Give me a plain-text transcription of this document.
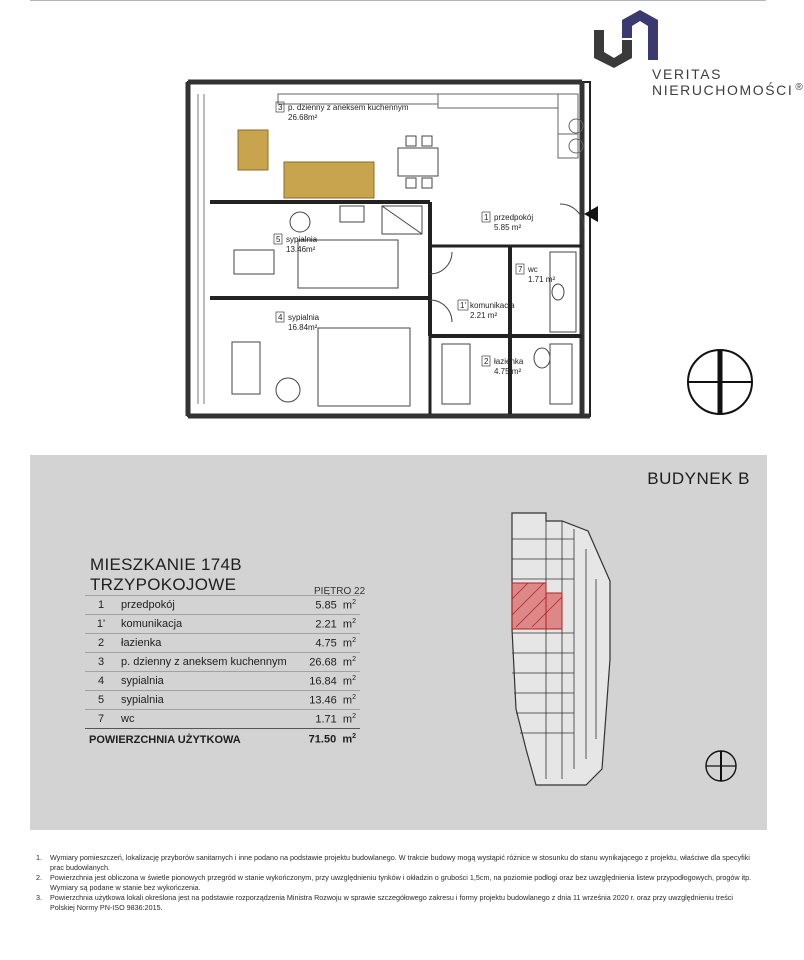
VERITAS
NIERUCHOMOŚCI ®
3 p. dzienny z aneksem kuchennym
26.68m²
1 przedpokój
5.85 m²
5 sypialnia
13.46m²
7 wc
1.71 m²
1' komunikacja
2.21 m²
4 sypialnia
16.84m²
2 łazienka
4.75 m²
BUDYNEK B
MIESZKANIE 174B
TRZYPOKOJOWE	PIĘTRO 22
1	przedpokój	5.85 $m^2$
1'	komunikacja	2.21 $m^2$
2	łazienka	4.75 $m^2$
3	p. dzienny z aneksem kuchennym	26.68 $m^2$
4	sypialnia	16.84 $m^2$
5	sypialnia	13.46 $m^2$
7	wc	1.71 $m^2$
POWIERZCHNIA UŻYTKOWA		71.50 $m^2$
1. Wymiary pomieszczeń, lokalizację przyborów sanitarnych i inne podano na podstawie projektu budowlanego. W trakcie budowy mogą wystąpić różnice w stosunku do stanu wynikającego z projektu, właściwe dla specyfiki prac budowlanych.
2. Powierzchnia jest obliczona w świetle pionowych przegród w stanie wykończonym, przy uwzględnieniu tynków i okładzin o grubości 1,5cm, na poziomie podłogi oraz bez uwzględnienia listew przypodłogowych, progów itp. Wymiary są podane w stanie bez wykończenia.
3. Powierzchnia użytkowa lokali określona jest na podstawie rozporządzenia Ministra Rozwoju w sprawie szczegółowego zakresu i formy projektu budowlanego z dnia 11 września 2020 r. oraz przy uwzględnieniu treści Polskiej Normy PN-ISO 9836:2015.
